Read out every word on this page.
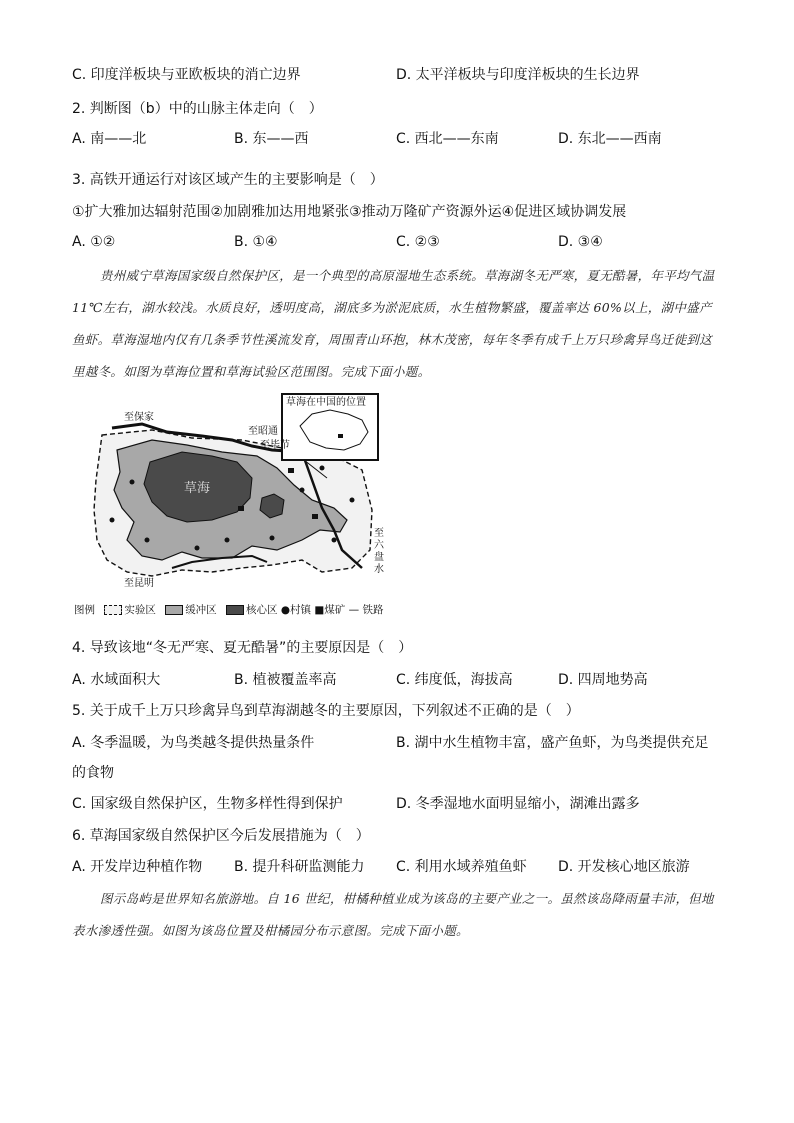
C. 印度洋板块与亚欧板块的消亡边界	D. 太平洋板块与印度洋板块的生长边界
2. 判断图（b）中的山脉主体走向（　）
A. 南——北	B. 东——西	C. 西北——东南	D. 东北——西南
3. 高铁开通运行对该区域产生的主要影响是（　）
①扩大雅加达辐射范围②加剧雅加达用地紧张③推动万隆矿产资源外运④促进区域协调发展
A. ①②	B. ①④	C. ②③	D. ③④
贵州威宁草海国家级自然保护区，是一个典型的高原湿地生态系统。草海湖冬无严寒，夏无酷暑，年平均气温 11℃左右，湖水较浅。水质良好，透明度高，湖底多为淤泥底质，水生植物繁盛，覆盖率达 60%以上，湖中盛产鱼虾。草海湿地内仅有几条季节性溪流发育，周围青山环抱，林木茂密，每年冬季有成千上万只珍禽异鸟迁徙到这里越冬。如图为草海位置和草海试验区范围图。完成下面小题。
草海在中国的位置
至保家
至昭通
至毕节
草海
至昆明
至
六
盘
水
图例	实验区	缓冲区	核心区 ●村镇 ■煤矿 — 铁路
4. 导致该地“冬无严寒、夏无酷暑”的主要原因是（　）
A. 水域面积大	B. 植被覆盖率高	C. 纬度低，海拔高	D. 四周地势高
5. 关于成千上万只珍禽异鸟到草海湖越冬的主要原因，下列叙述不正确的是（　）
A. 冬季温暖，为鸟类越冬提供热量条件	B. 湖中水生植物丰富，盛产鱼虾，为鸟类提供充足
的食物
C. 国家级自然保护区，生物多样性得到保护	D. 冬季湿地水面明显缩小，湖滩出露多
6. 草海国家级自然保护区今后发展措施为（　）
A. 开发岸边种植作物 B. 提升科研监测能力 C. 利用水域养殖鱼虾 D. 开发核心地区旅游
图示岛屿是世界知名旅游地。自 16 世纪，柑橘种植业成为该岛的主要产业之一。虽然该岛降雨量丰沛，但地表水渗透性强。如图为该岛位置及柑橘园分布示意图。完成下面小题。
